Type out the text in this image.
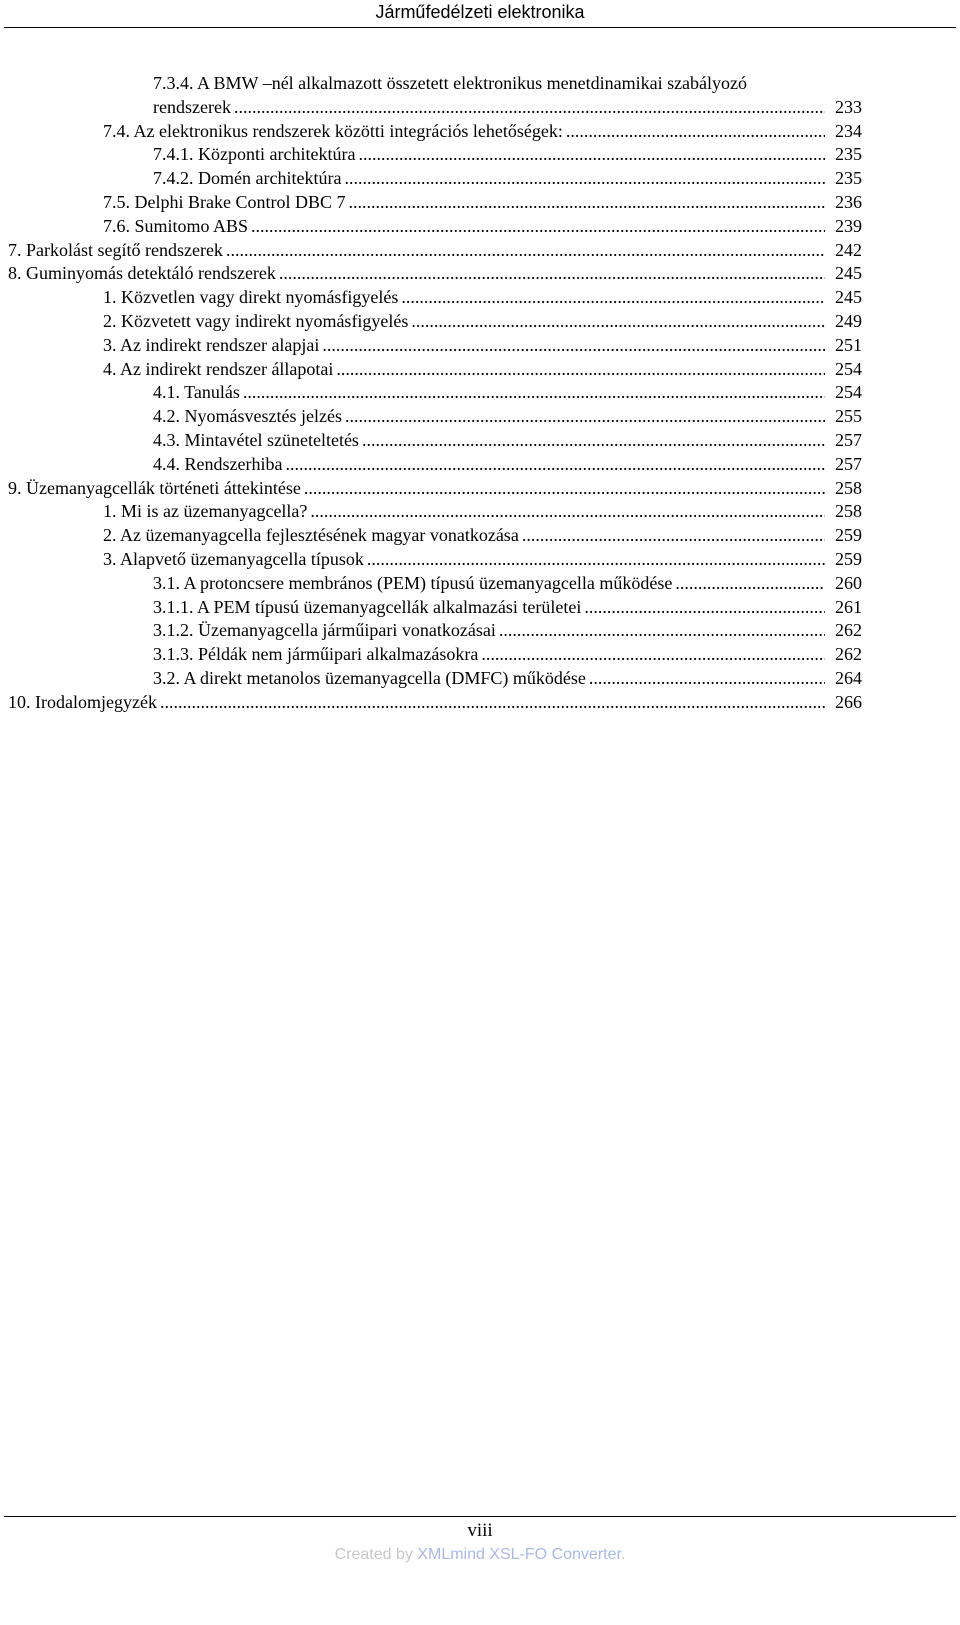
Járműfedélzeti elektronika
7.3.4. A BMW –nél alkalmazott összetett elektronikus menetdinamikai szabályozó
rendszerek .....	233
7.4. Az elektronikus rendszerek közötti integrációs lehetőségek: .....	234
7.4.1. Központi architektúra .....	235
7.4.2. Domén architektúra .....	235
7.5. Delphi Brake Control DBC 7 .....	236
7.6. Sumitomo ABS .....	239
7. Parkolást segítő rendszerek .....	242
8. Guminyomás detektáló rendszerek .....	245
1. Közvetlen vagy direkt nyomásfigyelés .....	245
2. Közvetett vagy indirekt nyomásfigyelés .....	249
3. Az indirekt rendszer alapjai .....	251
4. Az indirekt rendszer állapotai .....	254
4.1. Tanulás .....	254
4.2. Nyomásvesztés jelzés .....	255
4.3. Mintavétel szüneteltetés .....	257
4.4. Rendszerhiba .....	257
9. Üzemanyagcellák történeti áttekintése .....	258
1. Mi is az üzemanyagcella? .....	258
2. Az üzemanyagcella fejlesztésének magyar vonatkozása .....	259
3. Alapvető üzemanyagcella típusok .....	259
3.1. A protoncsere membrános (PEM) típusú üzemanyagcella működése .....	260
3.1.1. A PEM típusú üzemanyagcellák alkalmazási területei .....	261
3.1.2. Üzemanyagcella járműipari vonatkozásai .....	262
3.1.3. Példák nem járműipari alkalmazásokra .....	262
3.2. A direkt metanolos üzemanyagcella (DMFC) működése .....	264
10. Irodalomjegyzék .....	266
viii
Created by XMLmind XSL-FO Converter.
